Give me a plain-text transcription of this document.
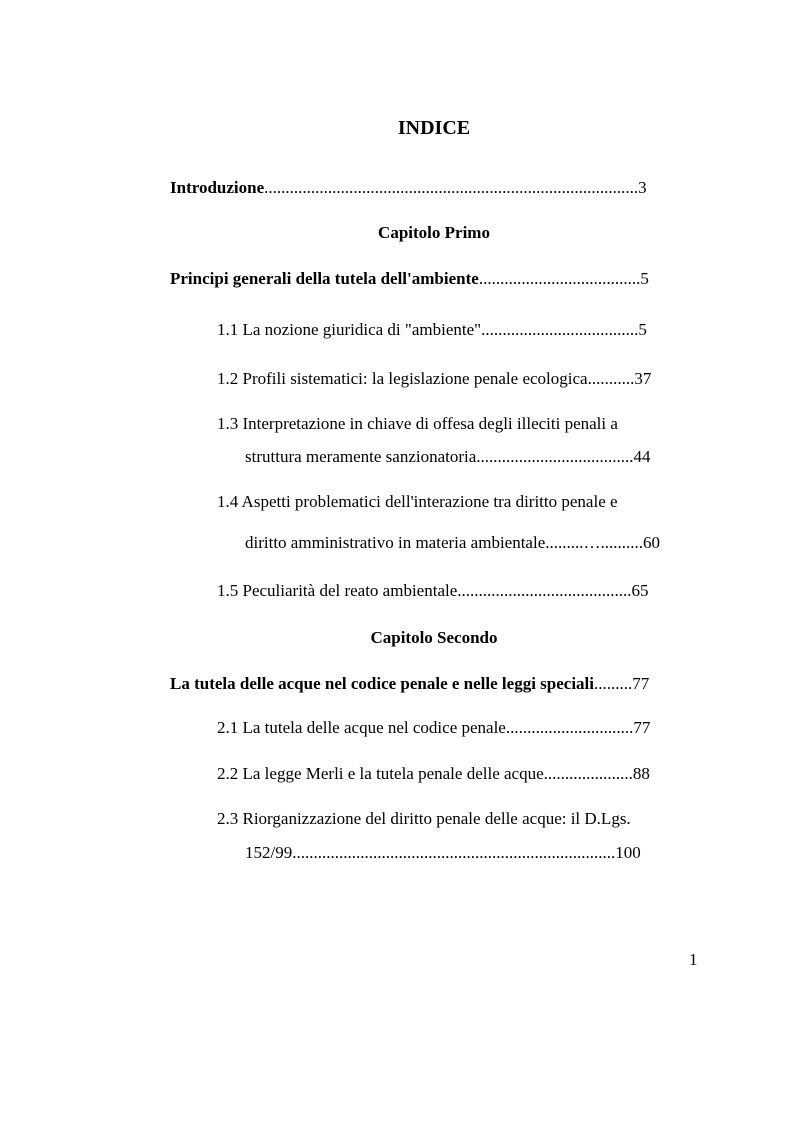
INDICE
Introduzione........................................................................................3
Capitolo Primo
Principi generali della tutela dell'ambiente......................................5
1.1 La nozione giuridica di "ambiente".....................................5
1.2 Profili sistematici: la legislazione penale ecologica...........37
1.3 Interpretazione in chiave di offesa degli illeciti penali a
struttura meramente sanzionatoria.....................................44
1.4 Aspetti problematici dell'interazione tra diritto penale e
diritto amministrativo in materia ambientale.........…..........60
1.5 Peculiarità del reato ambientale.........................................65
Capitolo Secondo
La tutela delle acque nel codice penale e nelle leggi speciali.........77
2.1 La tutela delle acque nel codice penale..............................77
2.2 La legge Merli e la tutela penale delle acque.....................88
2.3 Riorganizzazione del diritto penale delle acque: il D.Lgs.
152/99............................................................................100
1
